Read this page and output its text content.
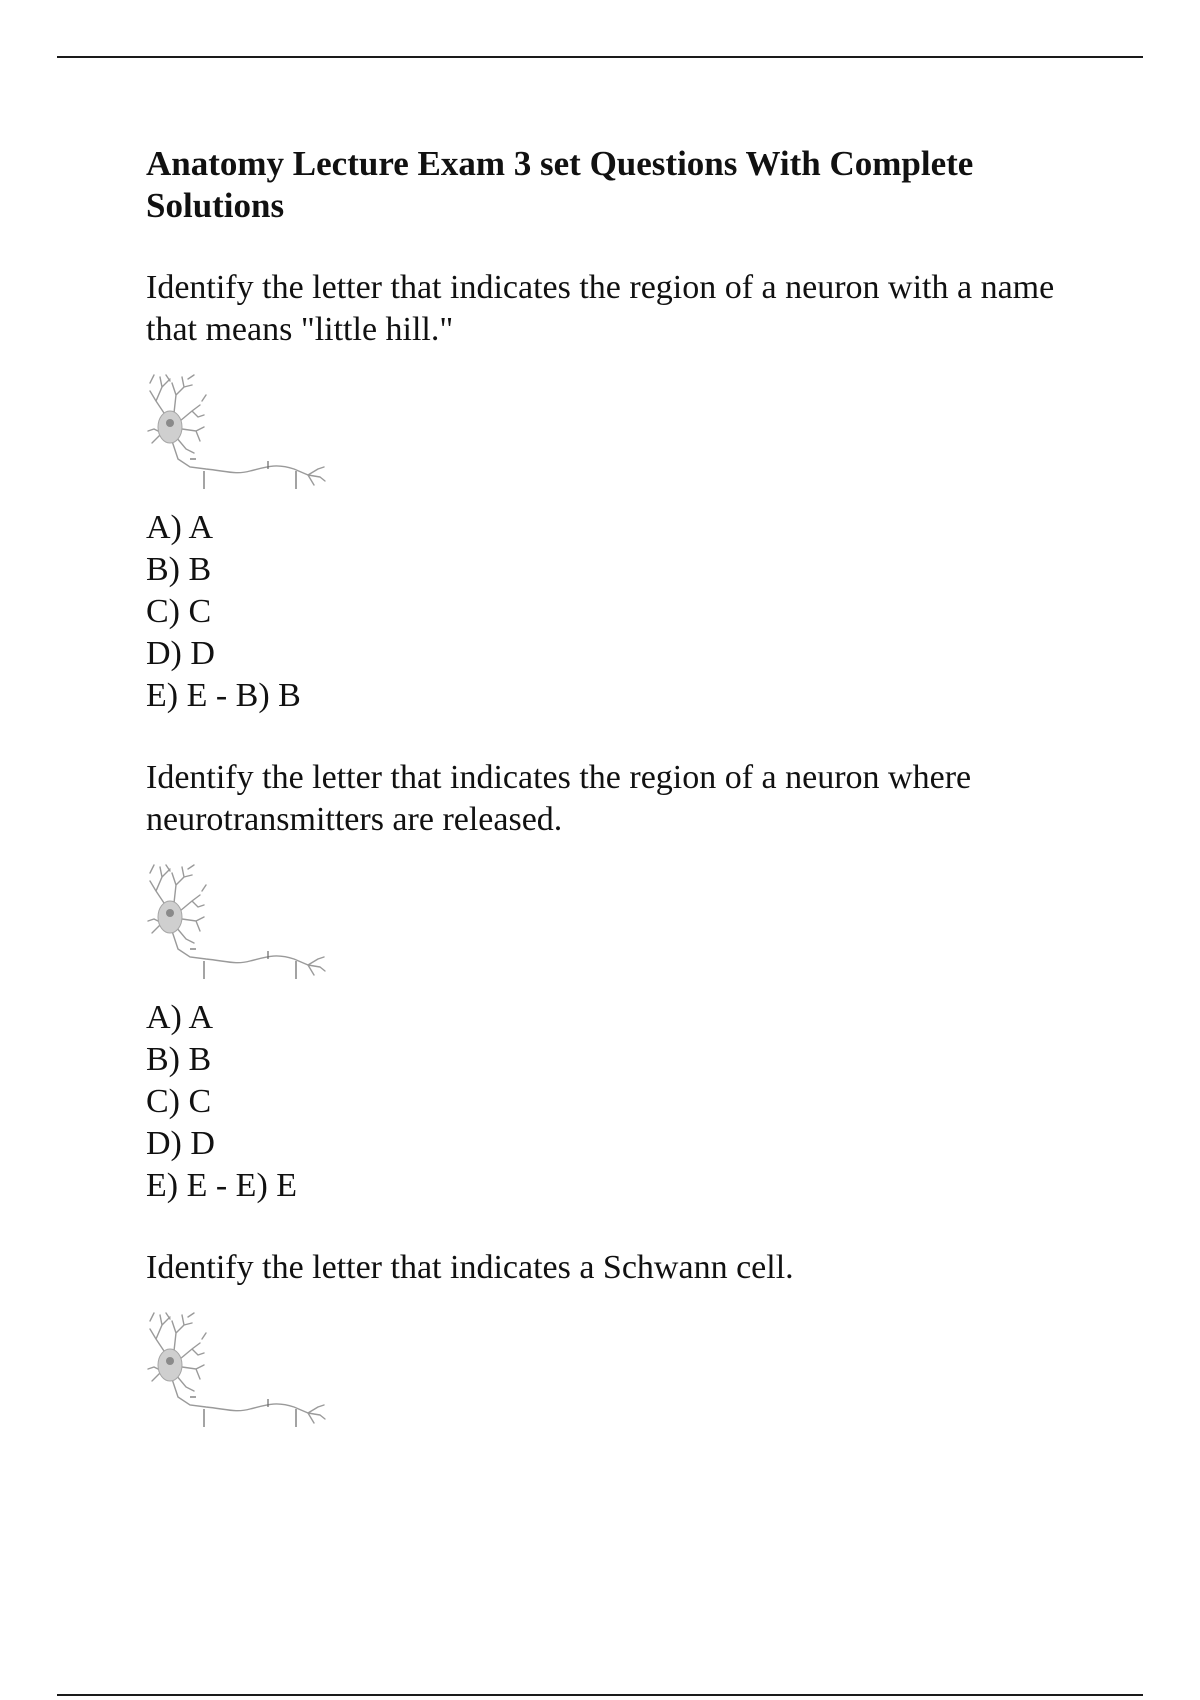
Anatomy Lecture Exam 3 set Questions With Complete Solutions

Identify the letter that indicates the region of a neuron with a name that means "little hill."

A) A
B) B
C) C
D) D
E) E - B) B

Identify the letter that indicates the region of a neuron where neurotransmitters are released.

A) A
B) B
C) C
D) D
E) E - E) E

Identify the letter that indicates a Schwann cell.
